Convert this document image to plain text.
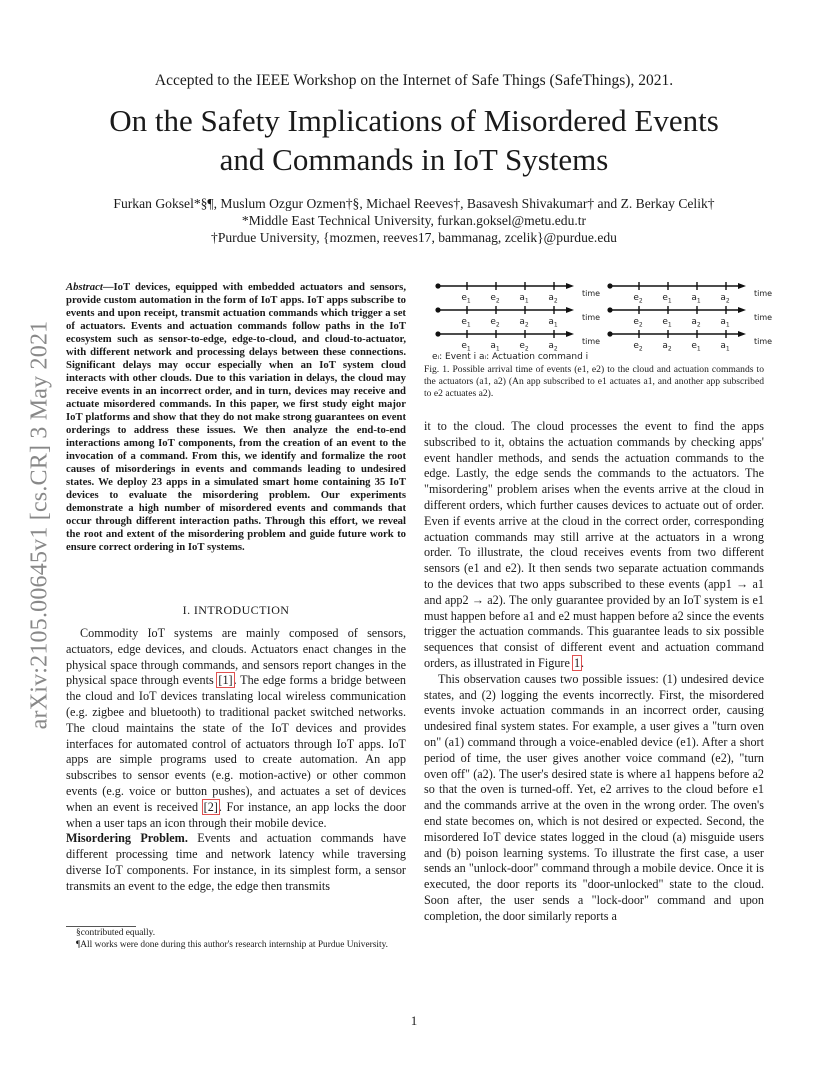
Accepted to the IEEE Workshop on the Internet of Safe Things (SafeThings), 2021.
On the Safety Implications of Misordered Events
and Commands in IoT Systems
Furkan Goksel*§¶, Muslum Ozgur Ozmen†§, Michael Reeves†, Basavesh Shivakumar† and Z. Berkay Celik†
*Middle East Technical University, furkan.goksel@metu.edu.tr
†Purdue University, {mozmen, reeves17, bammanag, zcelik}@purdue.edu
arXiv:2105.00645v1 [cs.CR] 3 May 2021
Abstract—IoT devices, equipped with embedded actuators and sensors, provide custom automation in the form of IoT apps. IoT apps subscribe to events and upon receipt, transmit actuation commands which trigger a set of actuators. Events and actuation commands follow paths in the IoT ecosystem such as sensor-to-edge, edge-to-cloud, and cloud-to-actuator, with different network and processing delays between these connections. Significant delays may occur especially when an IoT system cloud interacts with other clouds. Due to this variation in delays, the cloud may receive events in an incorrect order, and in turn, devices may receive and actuate misordered commands. In this paper, we first study eight major IoT platforms and show that they do not make strong guarantees on event orderings to address these issues. We then analyze the end-to-end interactions among IoT components, from the creation of an event to the invocation of a command. From this, we identify and formalize the root causes of misorderings in events and commands leading to undesired states. We deploy 23 apps in a simulated smart home containing 35 IoT devices to evaluate the misordering problem. Our experiments demonstrate a high number of misordered events and commands that occur through different interaction paths. Through this effort, we reveal the root and extent of the misordering problem and guide future work to ensure correct ordering in IoT systems.
I. INTRODUCTION

Commodity IoT systems are mainly composed of sensors, actuators, edge devices, and clouds. Actuators enact changes in the physical space through commands, and sensors report changes in the physical space through events [1]. The edge forms a bridge between the cloud and IoT devices translating local wireless communication (e.g. zigbee and bluetooth) to traditional packet switched networks. The cloud maintains the state of the IoT devices and provides interfaces for automated control of actuators through IoT apps. IoT apps are simple programs used to create automation. An app subscribes to sensor events (e.g. motion-active) or other common events (e.g. voice or button pushes), and actuates a set of devices when an event is received [2]. For instance, an app locks the door when a user taps an icon through their mobile device.

Misordering Problem. Events and actuation commands have different processing time and network latency while traversing diverse IoT components. For instance, in its simplest form, a sensor transmits an event to the edge, the edge then transmits

§contributed equally.
¶All works were done during this author's research internship at Purdue University.
$e_1$ $e_2$ $a_1$ $a_2$
time	$e_2$ $e_1$ $a_1$ $a_2$
time
$e_1$ $e_2$ $a_2$ $a_1$
time	$e_2$ $e_1$ $a_2$ $a_1$
time
$e_1$ $a_1$ $e_2$ $a_2$
time	$e_2$ $a_2$ $e_1$ $a_1$
time
eᵢ: Event i aᵢ: Actuation command i
Fig. 1. Possible arrival time of events (e1, e2) to the cloud and actuation commands to the actuators (a1, a2) (An app subscribed to e1 actuates a1, and another app subscribed to e2 actuates a2).

it to the cloud. The cloud processes the event to find the apps subscribed to it, obtains the actuation commands by checking apps' event handler methods, and sends the actuation commands to the edge. Lastly, the edge sends the commands to the actuators. The "misordering" problem arises when the events arrive at the cloud in different orders, which further causes devices to actuate out of order. Even if events arrive at the cloud in the correct order, corresponding actuation commands may still arrive at the actuators in a wrong order. To illustrate, the cloud receives events from two different sensors (e1 and e2). It then sends two separate actuation commands to the devices that two apps subscribed to these events (app1 → a1 and app2 → a2). The only guarantee provided by an IoT system is e1 must happen before a1 and e2 must happen before a2 since the events trigger the actuation commands. This guarantee leads to six possible sequences that consist of different event and actuation command orders, as illustrated in Figure 1.

This observation causes two possible issues: (1) undesired device states, and (2) logging the events incorrectly. First, the misordered events invoke actuation commands in an incorrect order, causing undesired final system states. For example, a user gives a "turn oven on" (a1) command through a voice-enabled device (e1). After a short period of time, the user gives another voice command (e2), "turn oven off" (a2). The user's desired state is where a1 happens before a2 so that the oven is turned-off. Yet, e2 arrives to the cloud before e1 and the commands arrive at the oven in the wrong order. The oven's end state becomes on, which is not desired or expected. Second, the misordered IoT device states logged in the cloud (a) misguide users and (b) poison learning systems. To illustrate the first case, a user sends an "unlock-door" command through a mobile device. Once it is executed, the door reports its "door-unlocked" state to the cloud. Soon after, the user sends a "lock-door" command and upon completion, the door similarly reports a

1
